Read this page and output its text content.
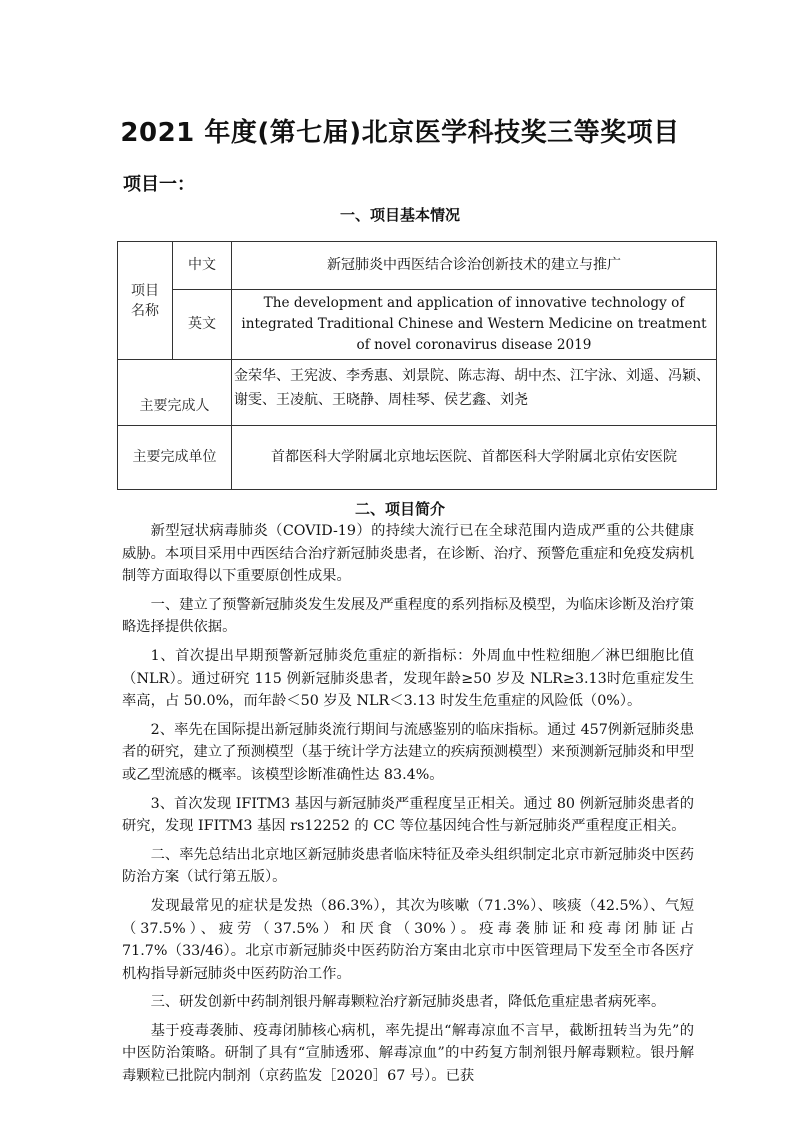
2021 年度(第七届)北京医学科技奖三等奖项目
项目一：
一、项目基本情况
项目名称	中文	新冠肺炎中西医结合诊治创新技术的建立与推广
	英文	The development and application of innovative technology of integrated Traditional Chinese and Western Medicine on treatment of novel coronavirus disease 2019
主要完成人		金荣华、王宪波、李秀惠、刘景院、陈志海、胡中杰、江宇泳、刘遥、冯颖、 谢雯、王凌航、王晓静、周桂琴、侯艺鑫、刘尧
主要完成单位		首都医科大学附属北京地坛医院、首都医科大学附属北京佑安医院
二、项目简介

新型冠状病毒肺炎（COVID-19）的持续大流行已在全球范围内造成严重的公共健康威胁。本项目采用中西医结合治疗新冠肺炎患者，在诊断、治疗、预警危重症和免疫发病机制等方面取得以下重要原创性成果。

一、建立了预警新冠肺炎发生发展及严重程度的系列指标及模型，为临床诊断及治疗策略选择提供依据。

1、首次提出早期预警新冠肺炎危重症的新指标：外周血中性粒细胞／淋巴细胞比值（NLR）。通过研究 115 例新冠肺炎患者，发现年龄≥50 岁及 NLR≥3.13时危重症发生率高，占 50.0%，而年龄＜50 岁及 NLR＜3.13 时发生危重症的风险低（0%）。

2、率先在国际提出新冠肺炎流行期间与流感鉴别的临床指标。通过 457例新冠肺炎患者的研究，建立了预测模型（基于统计学方法建立的疾病预测模型）来预测新冠肺炎和甲型或乙型流感的概率。该模型诊断准确性达 83.4%。

3、首次发现 IFITM3 基因与新冠肺炎严重程度呈正相关。通过 80 例新冠肺炎患者的研究，发现 IFITM3 基因 rs12252 的 CC 等位基因纯合性与新冠肺炎严重程度正相关。

二、率先总结出北京地区新冠肺炎患者临床特征及牵头组织制定北京市新冠肺炎中医药防治方案（试行第五版）。

发现最常见的症状是发热（86.3%），其次为咳嗽（71.3%）、咳痰（42.5%）、气短（37.5%）、疲劳（37.5%）和厌食（30%）。疫毒袭肺证和疫毒闭肺证占71.7%（33/46）。北京市新冠肺炎中医药防治方案由北京市中医管理局下发至全市各医疗机构指导新冠肺炎中医药防治工作。

三、研发创新中药制剂银丹解毒颗粒治疗新冠肺炎患者，降低危重症患者病死率。

基于疫毒袭肺、疫毒闭肺核心病机，率先提出“解毒凉血不言早，截断扭转当为先”的中医防治策略。研制了具有“宣肺透邪、解毒凉血”的中药复方制剂银丹解毒颗粒。银丹解毒颗粒已批院内制剂（京药监发［2020］67 号）。已获
